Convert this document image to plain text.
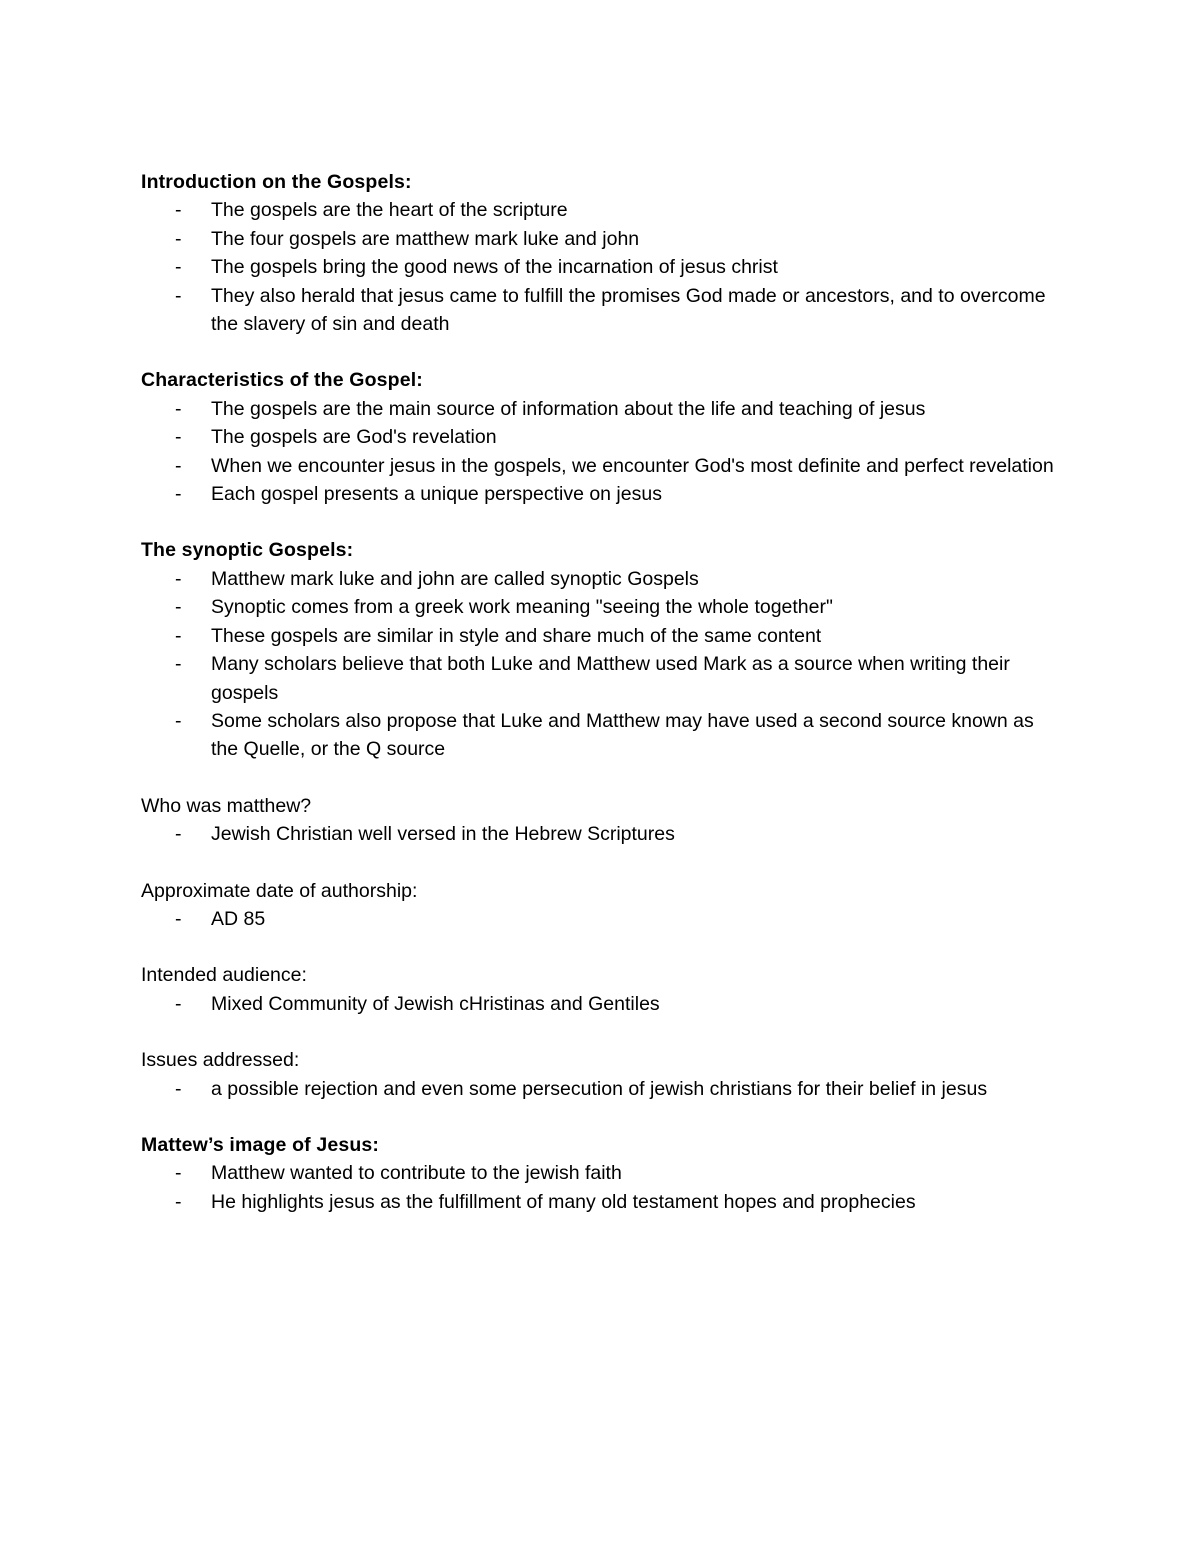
Introduction on the Gospels:

- The gospels are the heart of the scripture
- The four gospels are matthew mark luke and john
- The gospels bring the good news of the incarnation of jesus christ
- They also herald that jesus came to fulfill the promises God made or ancestors, and to overcome the slavery of sin and death

Characteristics of the Gospel:

- The gospels are the main source of information about the life and teaching of jesus
- The gospels are God's revelation
- When we encounter jesus in the gospels, we encounter God's most definite and perfect revelation
- Each gospel presents a unique perspective on jesus

The synoptic Gospels:

- Matthew mark luke and john are called synoptic Gospels
- Synoptic comes from a greek work meaning "seeing the whole together"
- These gospels are similar in style and share much of the same content
- Many scholars believe that both Luke and Matthew used Mark as a source when writing their gospels
- Some scholars also propose that Luke and Matthew may have used a second source known as the Quelle, or the Q source

Who was matthew?

- Jewish Christian well versed in the Hebrew Scriptures

Approximate date of authorship:

- AD 85

Intended audience:

- Mixed Community of Jewish cHristinas and Gentiles

Issues addressed:

- a possible rejection and even some persecution of jewish christians for their belief in jesus

Mattew’s image of Jesus:

- Matthew wanted to contribute to the jewish faith
- He highlights jesus as the fulfillment of many old testament hopes and prophecies
